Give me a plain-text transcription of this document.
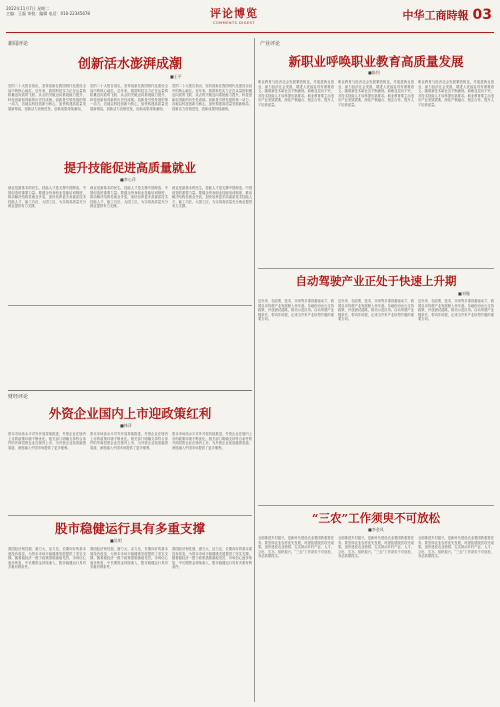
2022年11月7日 星期二
主编：王磊 审校：编辑 电话：010-22345678	评论博览
COMMENTS DIGEST
中华工商時報 03
新闻评论	产业评论
财经评论
创新活水澎湃成潮
■王平
党的二十大报告指出，坚持创新在我国现代化建设全局中的核心地位。近年来，我国科技实力正在从量的积累迈向质的飞跃、从点的突破迈向系统能力提升，科技创新取得新的历史性成就。创新是引领发展的第一动力，各地以科技创新为核心，加快构建高质量发展新格局，创新活力竞相迸发，创新成果持续涌现。
党的二十大报告指出，坚持创新在我国现代化建设全局中的核心地位。近年来，我国科技实力正在从量的积累迈向质的飞跃、从点的突破迈向系统能力提升，科技创新取得新的历史性成就。创新是引领发展的第一动力，各地以科技创新为核心，加快构建高质量发展新格局，创新活力竞相迸发，创新成果持续涌现。
党的二十大报告指出，坚持创新在我国现代化建设全局中的核心地位。近年来，我国科技实力正在从量的积累迈向质的飞跃、从点的突破迈向系统能力提升，科技创新取得新的历史性成就。创新是引领发展的第一动力，各地以科技创新为核心，加快构建高质量发展新格局，创新活力竞相迸发，创新成果持续涌现。
提升技能促进高质量就业
■李心萍
就业是最基本的民生。技能人才是支撑中国制造、中国创造的重要力量。要健全终身职业技能培训制度，推动解决结构性就业矛盾，加快培养更多高素质技术技能人才、能工巧匠、大国工匠，为实现高质量充分就业提供有力支撑。
就业是最基本的民生。技能人才是支撑中国制造、中国创造的重要力量。要健全终身职业技能培训制度，推动解决结构性就业矛盾，加快培养更多高素质技术技能人才、能工巧匠、大国工匠，为实现高质量充分就业提供有力支撑。
就业是最基本的民生。技能人才是支撑中国制造、中国创造的重要力量。要健全终身职业技能培训制度，推动解决结构性就业矛盾，加快培养更多高素质技术技能人才、能工巧匠、大国工匠，为实现高质量充分就业提供有力支撑。
新职业呼唤职业教育高质量发展
■陈钊
职业教育与经济社会发展紧密相连，对促进就业创业、助力经济社会发展、增进人民福祉具有重要意义。随着新技术新业态不断涌现，新职业层出不穷，对技术技能人才培养提出新要求。职业教育要主动适应产业发展需要，深化产教融合、校企合作，提升人才培养质量。
职业教育与经济社会发展紧密相连，对促进就业创业、助力经济社会发展、增进人民福祉具有重要意义。随着新技术新业态不断涌现，新职业层出不穷，对技术技能人才培养提出新要求。职业教育要主动适应产业发展需要，深化产教融合、校企合作，提升人才培养质量。
职业教育与经济社会发展紧密相连，对促进就业创业、助力经济社会发展、增进人民福祉具有重要意义。随着新技术新业态不断涌现，新职业层出不穷，对技术技能人才培养提出新要求。职业教育要主动适应产业发展需要，深化产教融合、校企合作，提升人才培养质量。
自动驾驶产业正处于快速上升期
■刘瑾
近年来，在政策、技术、市场等多重因素驱动下，我国自动驾驶产业发展驶入快车道。各地纷纷出台支持政策，开放测试道路，推动示范应用。自动驾驶产业链条长、带动作用强，正成为汽车产业转型升级的重要方向。
近年来，在政策、技术、市场等多重因素驱动下，我国自动驾驶产业发展驶入快车道。各地纷纷出台支持政策，开放测试道路，推动示范应用。自动驾驶产业链条长、带动作用强，正成为汽车产业转型升级的重要方向。
近年来，在政策、技术、市场等多重因素驱动下，我国自动驾驶产业发展驶入快车道。各地纷纷出台支持政策，开放测试道路，推动示范应用。自动驾驶产业链条长、带动作用强，正成为汽车产业转型升级的重要方向。
外资企业国内上市迎政策红利
■林萍
资本市场高水平对外开放持续推进，外资企业在境内上市的政策环境不断优化。相关部门明确支持符合条件的外商投资企业在境内上市，为外资企业拓宽融资渠道、深度融入中国市场提供了更多便利。
资本市场高水平对外开放持续推进，外资企业在境内上市的政策环境不断优化。相关部门明确支持符合条件的外商投资企业在境内上市，为外资企业拓宽融资渠道、深度融入中国市场提供了更多便利。
资本市场高水平对外开放持续推进，外资企业在境内上市的政策环境不断优化。相关部门明确支持符合条件的外商投资企业在境内上市，为外资企业拓宽融资渠道、深度融入中国市场提供了更多便利。
股市稳健运行具有多重支撑
■吴明
我国经济韧性强、潜力大、活力足，长期向好的基本面没有改变，为资本市场平稳健康发展提供了坚实支撑。随着稳经济一揽子政策措施落地见效，市场信心逐步恢复，中长期资金持续流入，股市稳健运行具有多重有利条件。
我国经济韧性强、潜力大、活力足，长期向好的基本面没有改变，为资本市场平稳健康发展提供了坚实支撑。随着稳经济一揽子政策措施落地见效，市场信心逐步恢复，中长期资金持续流入，股市稳健运行具有多重有利条件。
我国经济韧性强、潜力大、活力足，长期向好的基本面没有改变，为资本市场平稳健康发展提供了坚实支撑。随着稳经济一揽子政策措施落地见效，市场信心逐步恢复，中长期资金持续流入，股市稳健运行具有多重有利条件。
“三农”工作须臾不可放松
■李金凤
全面推进乡村振兴，是新时代建设农业强国的重要任务。要坚持农业农村优先发展，巩固拓展脱贫攻坚成果，加快建设农业强国，扎实推动乡村产业、人才、文化、生态、组织振兴。“三农”工作须臾不可放松，务必抓紧抓实。
全面推进乡村振兴，是新时代建设农业强国的重要任务。要坚持农业农村优先发展，巩固拓展脱贫攻坚成果，加快建设农业强国，扎实推动乡村产业、人才、文化、生态、组织振兴。“三农”工作须臾不可放松，务必抓紧抓实。
全面推进乡村振兴，是新时代建设农业强国的重要任务。要坚持农业农村优先发展，巩固拓展脱贫攻坚成果，加快建设农业强国，扎实推动乡村产业、人才、文化、生态、组织振兴。“三农”工作须臾不可放松，务必抓紧抓实。
